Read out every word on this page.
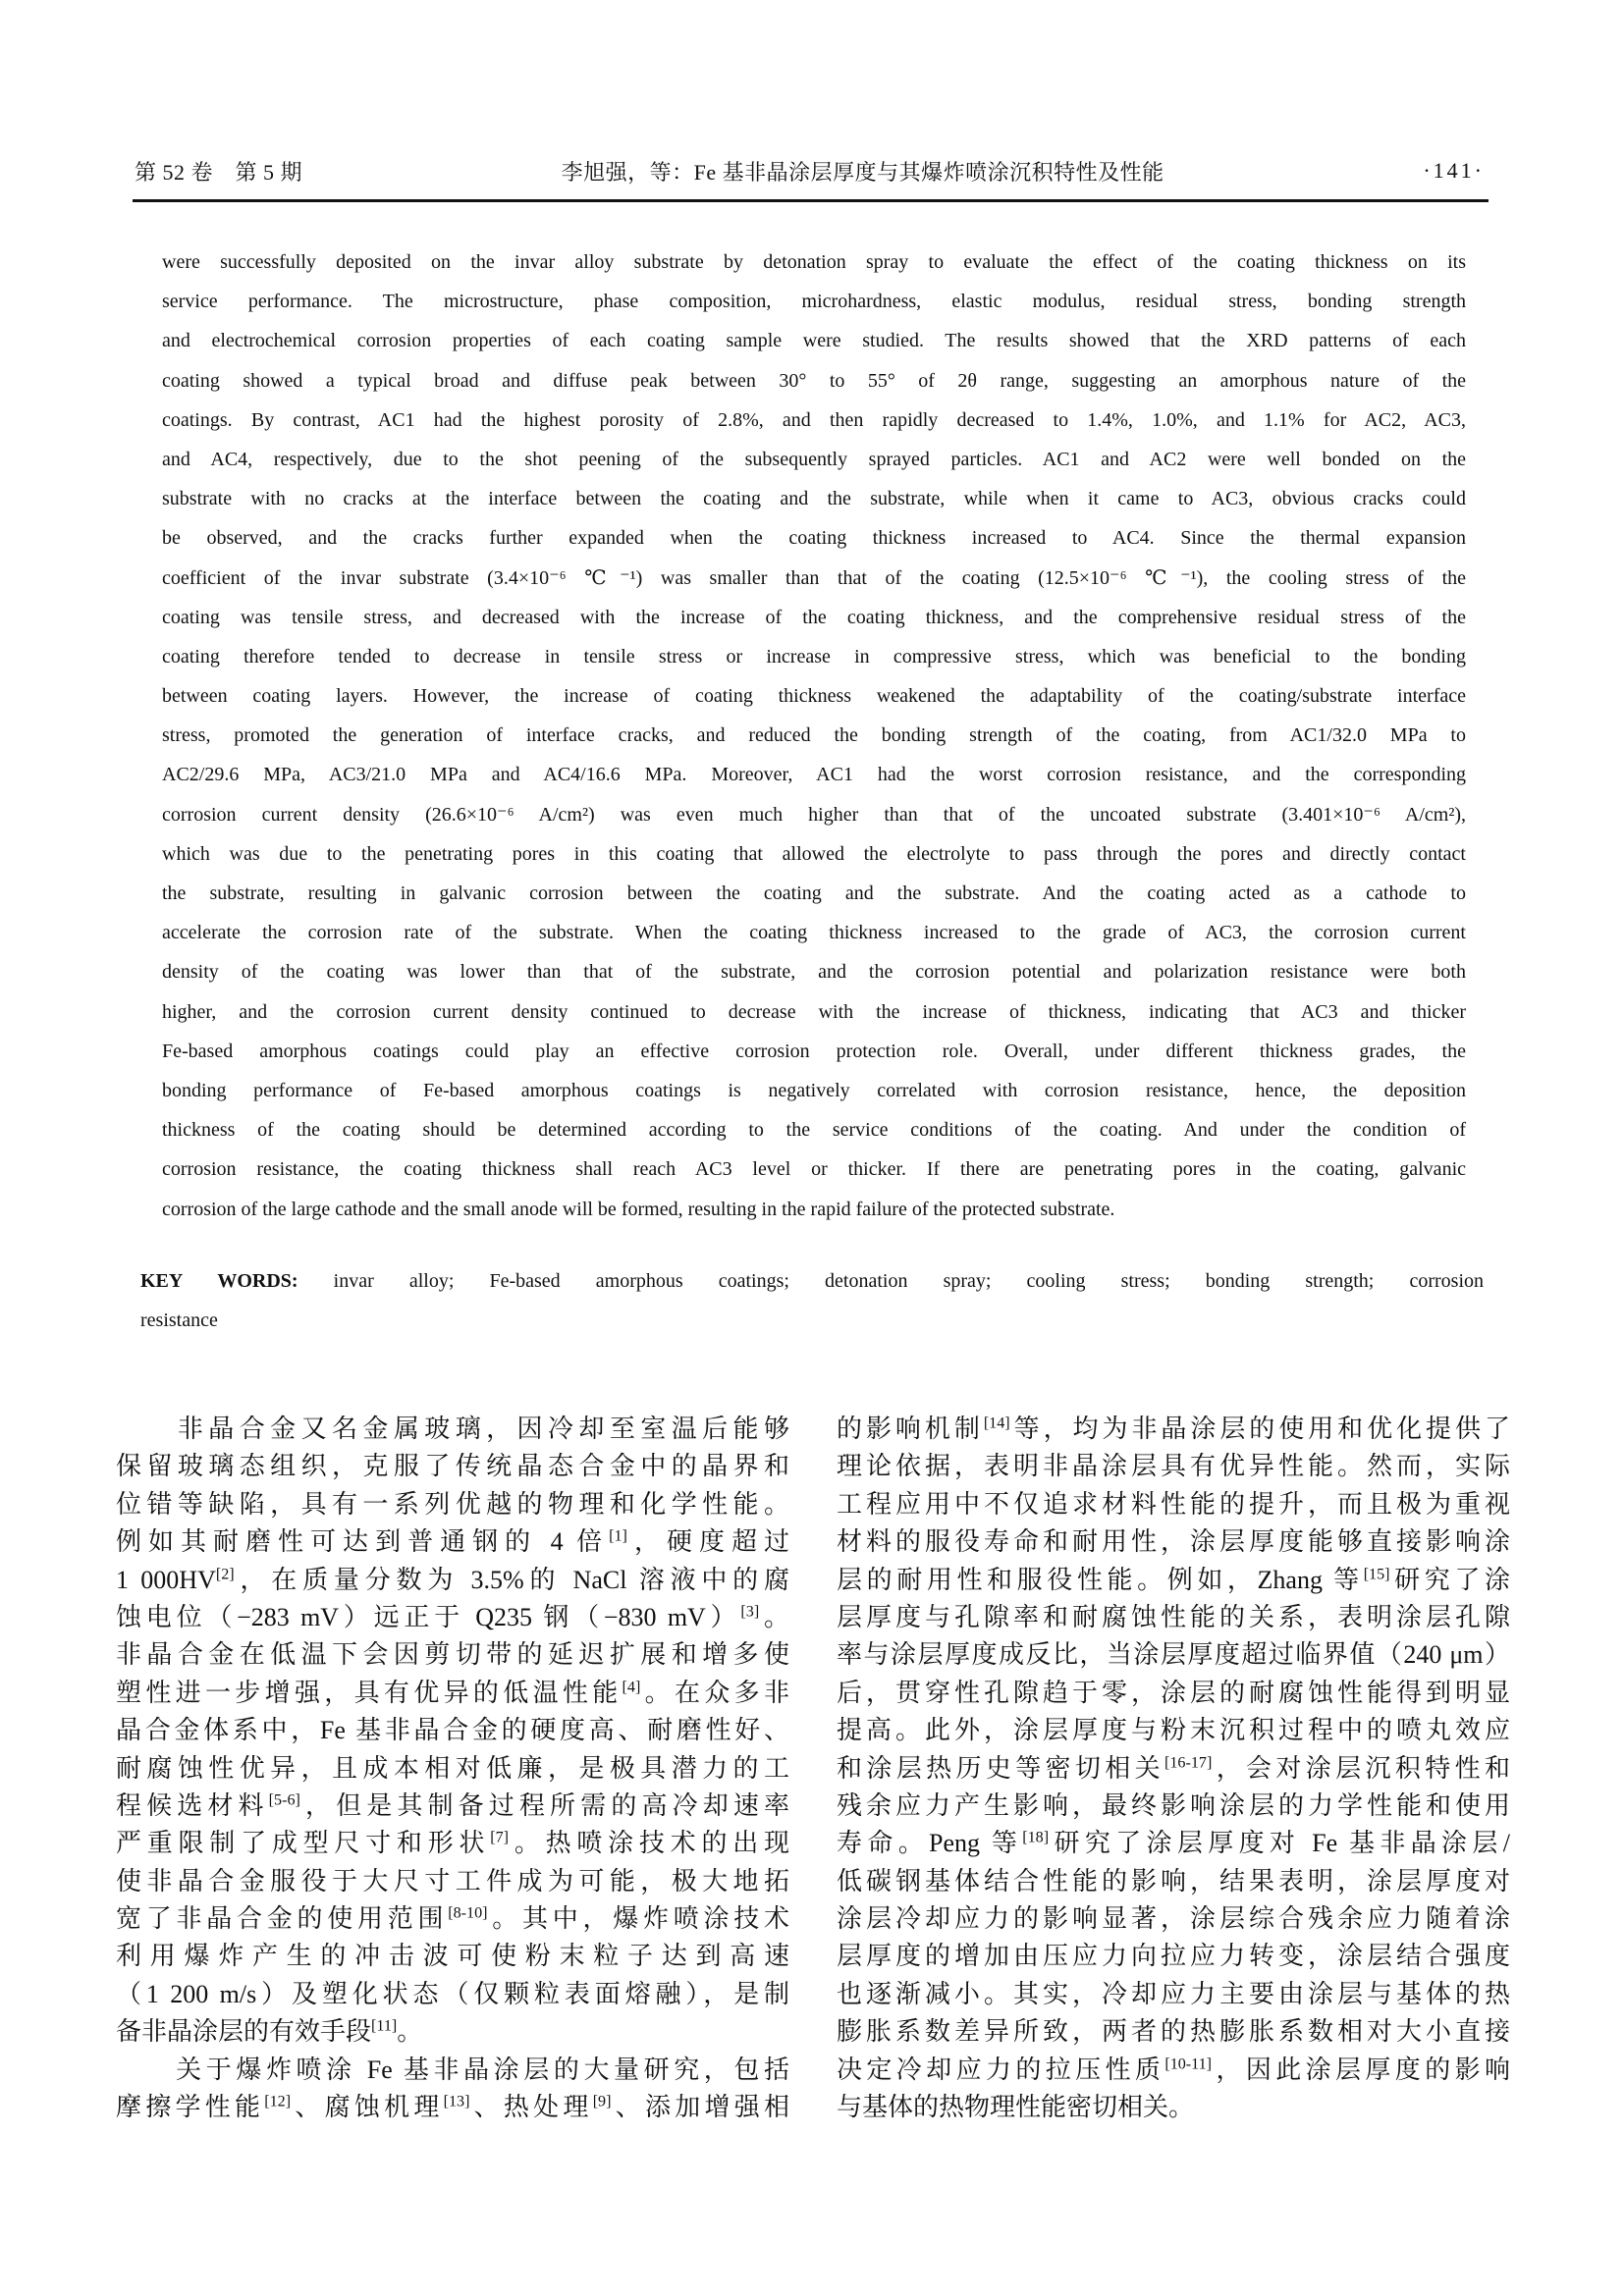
第 52 卷　第 5 期	李旭强，等：Fe 基非晶涂层厚度与其爆炸喷涂沉积特性及性能	·141·
were successfully deposited on the invar alloy substrate by detonation spray to evaluate the effect of the coating thickness on its
service performance. The microstructure, phase composition, microhardness, elastic modulus, residual stress, bonding strength
and electrochemical corrosion properties of each coating sample were studied. The results showed that the XRD patterns of each
coating showed a typical broad and diffuse peak between 30° to 55° of 2θ range, suggesting an amorphous nature of the
coatings. By contrast, AC1 had the highest porosity of 2.8%, and then rapidly decreased to 1.4%, 1.0%, and 1.1% for AC2, AC3,
and AC4, respectively, due to the shot peening of the subsequently sprayed particles. AC1 and AC2 were well bonded on the
substrate with no cracks at the interface between the coating and the substrate, while when it came to AC3, obvious cracks could
be observed, and the cracks further expanded when the coating thickness increased to AC4. Since the thermal expansion
coefficient of the invar substrate (3.4×10⁻⁶ ℃⁻¹) was smaller than that of the coating (12.5×10⁻⁶ ℃⁻¹), the cooling stress of the
coating was tensile stress, and decreased with the increase of the coating thickness, and the comprehensive residual stress of the
coating therefore tended to decrease in tensile stress or increase in compressive stress, which was beneficial to the bonding
between coating layers. However, the increase of coating thickness weakened the adaptability of the coating/substrate interface
stress, promoted the generation of interface cracks, and reduced the bonding strength of the coating, from AC1/32.0 MPa to
AC2/29.6 MPa, AC3/21.0 MPa and AC4/16.6 MPa. Moreover, AC1 had the worst corrosion resistance, and the corresponding
corrosion current density (26.6×10⁻⁶ A/cm²) was even much higher than that of the uncoated substrate (3.401×10⁻⁶ A/cm²),
which was due to the penetrating pores in this coating that allowed the electrolyte to pass through the pores and directly contact
the substrate, resulting in galvanic corrosion between the coating and the substrate. And the coating acted as a cathode to
accelerate the corrosion rate of the substrate. When the coating thickness increased to the grade of AC3, the corrosion current
density of the coating was lower than that of the substrate, and the corrosion potential and polarization resistance were both
higher, and the corrosion current density continued to decrease with the increase of thickness, indicating that AC3 and thicker
Fe-based amorphous coatings could play an effective corrosion protection role. Overall, under different thickness grades, the
bonding performance of Fe-based amorphous coatings is negatively correlated with corrosion resistance, hence, the deposition
thickness of the coating should be determined according to the service conditions of the coating. And under the condition of
corrosion resistance, the coating thickness shall reach AC3 level or thicker. If there are penetrating pores in the coating, galvanic
corrosion of the large cathode and the small anode will be formed, resulting in the rapid failure of the protected substrate.
KEY WORDS: invar alloy; Fe-based amorphous coatings; detonation spray; cooling stress; bonding strength; corrosion
resistance
　　非晶合金又名金属玻璃，因冷却至室温后能够
保留玻璃态组织，克服了传统晶态合金中的晶界和
位错等缺陷，具有一系列优越的物理和化学性能。
例如其耐磨性可达到普通钢的 4 倍[1]，硬度超过
1 000HV[2]，在质量分数为 3.5%的 NaCl 溶液中的腐
蚀电位（−283 mV）远正于 Q235 钢（−830 mV）[3]。
非晶合金在低温下会因剪切带的延迟扩展和增多使
塑性进一步增强，具有优异的低温性能[4]。在众多非
晶合金体系中，Fe 基非晶合金的硬度高、耐磨性好、
耐腐蚀性优异，且成本相对低廉，是极具潜力的工
程候选材料[5-6]，但是其制备过程所需的高冷却速率
严重限制了成型尺寸和形状[7]。热喷涂技术的出现
使非晶合金服役于大尺寸工件成为可能，极大地拓
宽了非晶合金的使用范围[8-10]。其中，爆炸喷涂技术
利用爆炸产生的冲击波可使粉末粒子达到高速
（1 200 m/s）及塑化状态（仅颗粒表面熔融），是制
备非晶涂层的有效手段[11]。
　　关于爆炸喷涂 Fe 基非晶涂层的大量研究，包括
摩擦学性能[12]、腐蚀机理[13]、热处理[9]、添加增强相
的影响机制[14]等，均为非晶涂层的使用和优化提供了
理论依据，表明非晶涂层具有优异性能。然而，实际
工程应用中不仅追求材料性能的提升，而且极为重视
材料的服役寿命和耐用性，涂层厚度能够直接影响涂
层的耐用性和服役性能。例如，Zhang 等[15]研究了涂
层厚度与孔隙率和耐腐蚀性能的关系，表明涂层孔隙
率与涂层厚度成反比，当涂层厚度超过临界值（240 μm）
后，贯穿性孔隙趋于零，涂层的耐腐蚀性能得到明显
提高。此外，涂层厚度与粉末沉积过程中的喷丸效应
和涂层热历史等密切相关[16-17]，会对涂层沉积特性和
残余应力产生影响，最终影响涂层的力学性能和使用
寿命。Peng 等[18]研究了涂层厚度对 Fe 基非晶涂层/
低碳钢基体结合性能的影响，结果表明，涂层厚度对
涂层冷却应力的影响显著，涂层综合残余应力随着涂
层厚度的增加由压应力向拉应力转变，涂层结合强度
也逐渐减小。其实，冷却应力主要由涂层与基体的热
膨胀系数差异所致，两者的热膨胀系数相对大小直接
决定冷却应力的拉压性质[10-11]，因此涂层厚度的影响
与基体的热物理性能密切相关。
